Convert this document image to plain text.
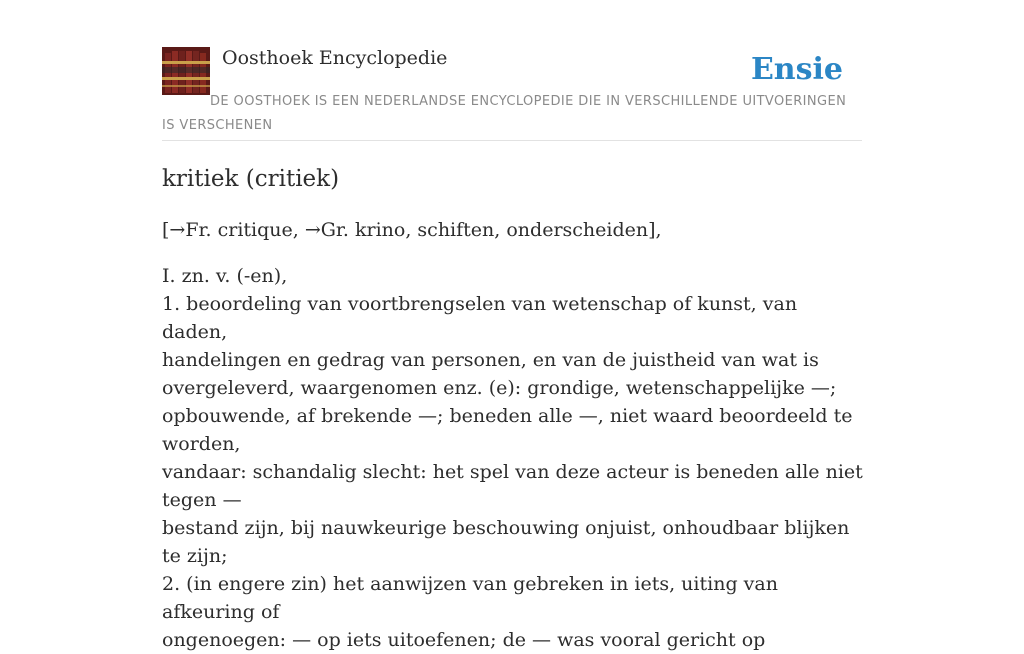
Oosthoek Encyclopedie	Ensie
DE OOSTHOEK IS EEN NEDERLANDSE ENCYCLOPEDIE DIE IN VERSCHILLENDE UITVOERINGEN IS VERSCHENEN
kritiek (critiek)

[→Fr. critique, →Gr. krino, schiften, onderscheiden],

I. zn. v. (-en),
1. beoordeling van voortbrengselen van wetenschap of kunst, van daden,
handelingen en gedrag van personen, en van de juistheid van wat is
overgeleverd, waargenomen enz. (e): grondige, wetenschappelijke —;
opbouwende, af brekende —; beneden alle —, niet waard beoordeeld te worden,
vandaar: schandalig slecht: het spel van deze acteur is beneden alle niet tegen —
bestand zijn, bij nauwkeurige beschouwing onjuist, onhoudbaar blijken te zijn;
2. (in engere zin) het aanwijzen van gebreken in iets, uiting van afkeuring of
ongenoegen: — op iets uitoefenen; de — was vooral gericht op
